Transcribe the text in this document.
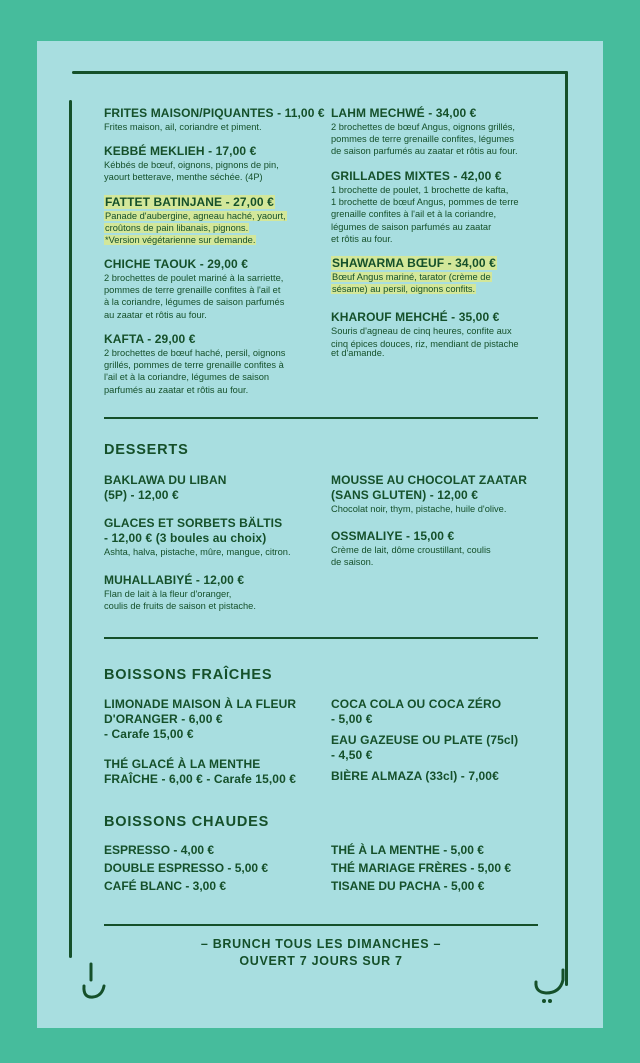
FRITES MAISON/PIQUANTES - 11,00 €
Frites maison, ail, coriandre et piment.
KEBBÉ MEKLIEH - 17,00 €
Kébbés de bœuf, oignons, pignons de pin,
yaourt betterave, menthe séchée. (4P)
FATTET BATINJANE - 27,00 €
Panade d'aubergine, agneau haché, yaourt,
croûtons de pain libanais, pignons.
*Version végétarienne sur demande.
CHICHE TAOUK - 29,00 €
2 brochettes de poulet mariné à la sarriette,
pommes de terre grenaille confites à l'ail et
à la coriandre, légumes de saison parfumés
au zaatar et rôtis au four.
KAFTA - 29,00 €
2 brochettes de bœuf haché, persil, oignons
grillés, pommes de terre grenaille confites à
l'ail et à la coriandre, légumes de saison
parfumés au zaatar et rôtis au four.
LAHM MECHWÉ - 34,00 €
2 brochettes de bœuf Angus, oignons grillés,
pommes de terre grenaille confites, légumes
de saison parfumés au zaatar et rôtis au four.
GRILLADES MIXTES - 42,00 €
1 brochette de poulet, 1 brochette de kafta,
1 brochette de bœuf Angus, pommes de terre
grenaille confites à l'ail et à la coriandre,
légumes de saison parfumés au zaatar
et rôtis au four.
SHAWARMA BŒUF - 34,00 €
Bœuf Angus mariné, tarator (crème de
sésame) au persil, oignons confits.
KHAROUF MEHCHÉ - 35,00 €
Souris d'agneau de cinq heures, confite aux
cinq épices douces, riz, mendiant de pistache
et d'amande.
DESSERTS
BAKLAWA DU LIBAN
(5P) - 12,00 €
GLACES ET SORBETS BÄLTIS
- 12,00 € (3 boules au choix)
Ashta, halva, pistache, mûre, mangue, citron.
MUHALLABIYÉ - 12,00 €
Flan de lait à la fleur d'oranger,
coulis de fruits de saison et pistache.
MOUSSE AU CHOCOLAT ZAATAR
(SANS GLUTEN) - 12,00 €
Chocolat noir, thym, pistache, huile d'olive.
OSSMALIYE - 15,00 €
Crème de lait, dôme croustillant, coulis
de saison.
BOISSONS FRAÎCHES
LIMONADE MAISON À LA FLEUR
D'ORANGER - 6,00 €
- Carafe 15,00 €
THÉ GLACÉ À LA MENTHE
FRAÎCHE - 6,00 € - Carafe 15,00 €
COCA COLA OU COCA ZÉRO
- 5,00 €
EAU GAZEUSE OU PLATE (75cl)
- 4,50 €
BIÈRE ALMAZA (33cl) - 7,00€
BOISSONS CHAUDES
ESPRESSO - 4,00 €
DOUBLE ESPRESSO - 5,00 €
CAFÉ BLANC - 3,00 €
THÉ À LA MENTHE - 5,00 €
THÉ MARIAGE FRÈRES - 5,00 €
TISANE DU PACHA - 5,00 €
– BRUNCH TOUS LES DIMANCHES –
OUVERT 7 JOURS SUR 7
